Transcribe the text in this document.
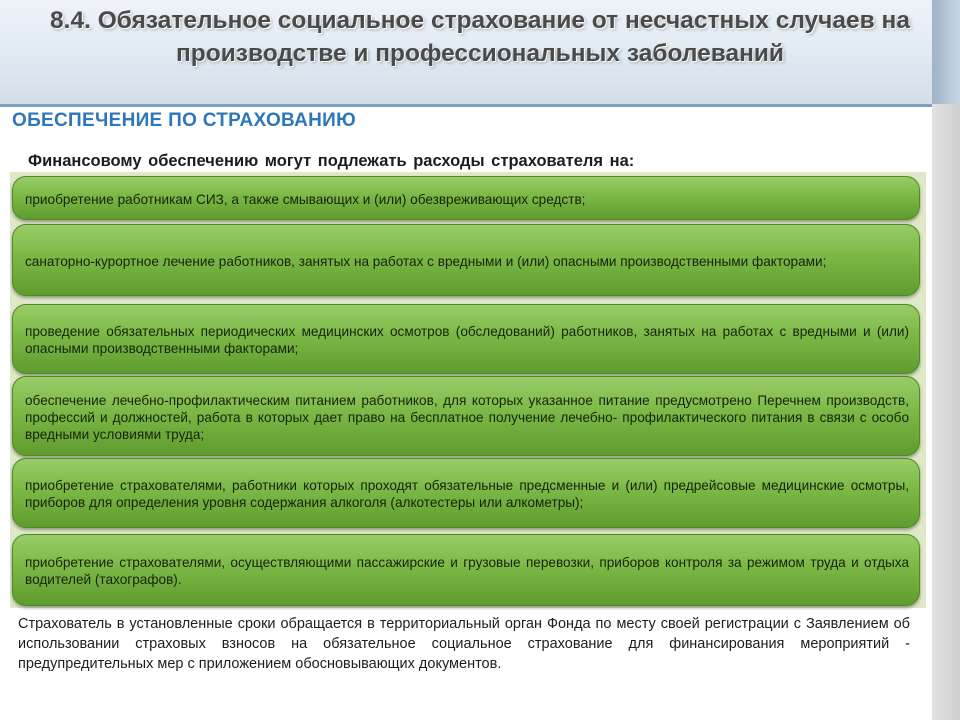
8.4. Обязательное социальное страхование от несчастных случаев на производстве и профессиональных заболеваний
ОБЕСПЕЧЕНИЕ ПО СТРАХОВАНИЮ

Финансовому обеспечению могут подлежать расходы страхователя на:

приобретение работникам СИЗ, а также смывающих и (или) обезвреживающих средств;
санаторно-курортное лечение работников, занятых на работах с вредными и (или) опасными производственными факторами;
проведение обязательных периодических медицинских осмотров (обследований) работников, занятых на работах с вредными и (или) опасными производственными факторами;
обеспечение лечебно-профилактическим питанием работников, для которых указанное питание предусмотрено Перечнем производств, профессий и должностей, работа в которых дает право на бесплатное получение лечебно- профилактического питания в связи с особо вредными условиями труда;
приобретение страхователями, работники которых проходят обязательные предсменные и (или) предрейсовые медицинские осмотры, приборов для определения уровня содержания алкоголя (алкотестеры или алкометры);
приобретение страхователями, осуществляющими пассажирские и грузовые перевозки, приборов контроля за режимом труда и отдыха водителей (тахографов).

Страхователь в установленные сроки обращается в территориальный орган Фонда по месту своей регистрации с Заявлением об использовании страховых взносов на обязательное социальное страхование для финансирования мероприятий - предупредительных мер с приложением обосновывающих документов.
